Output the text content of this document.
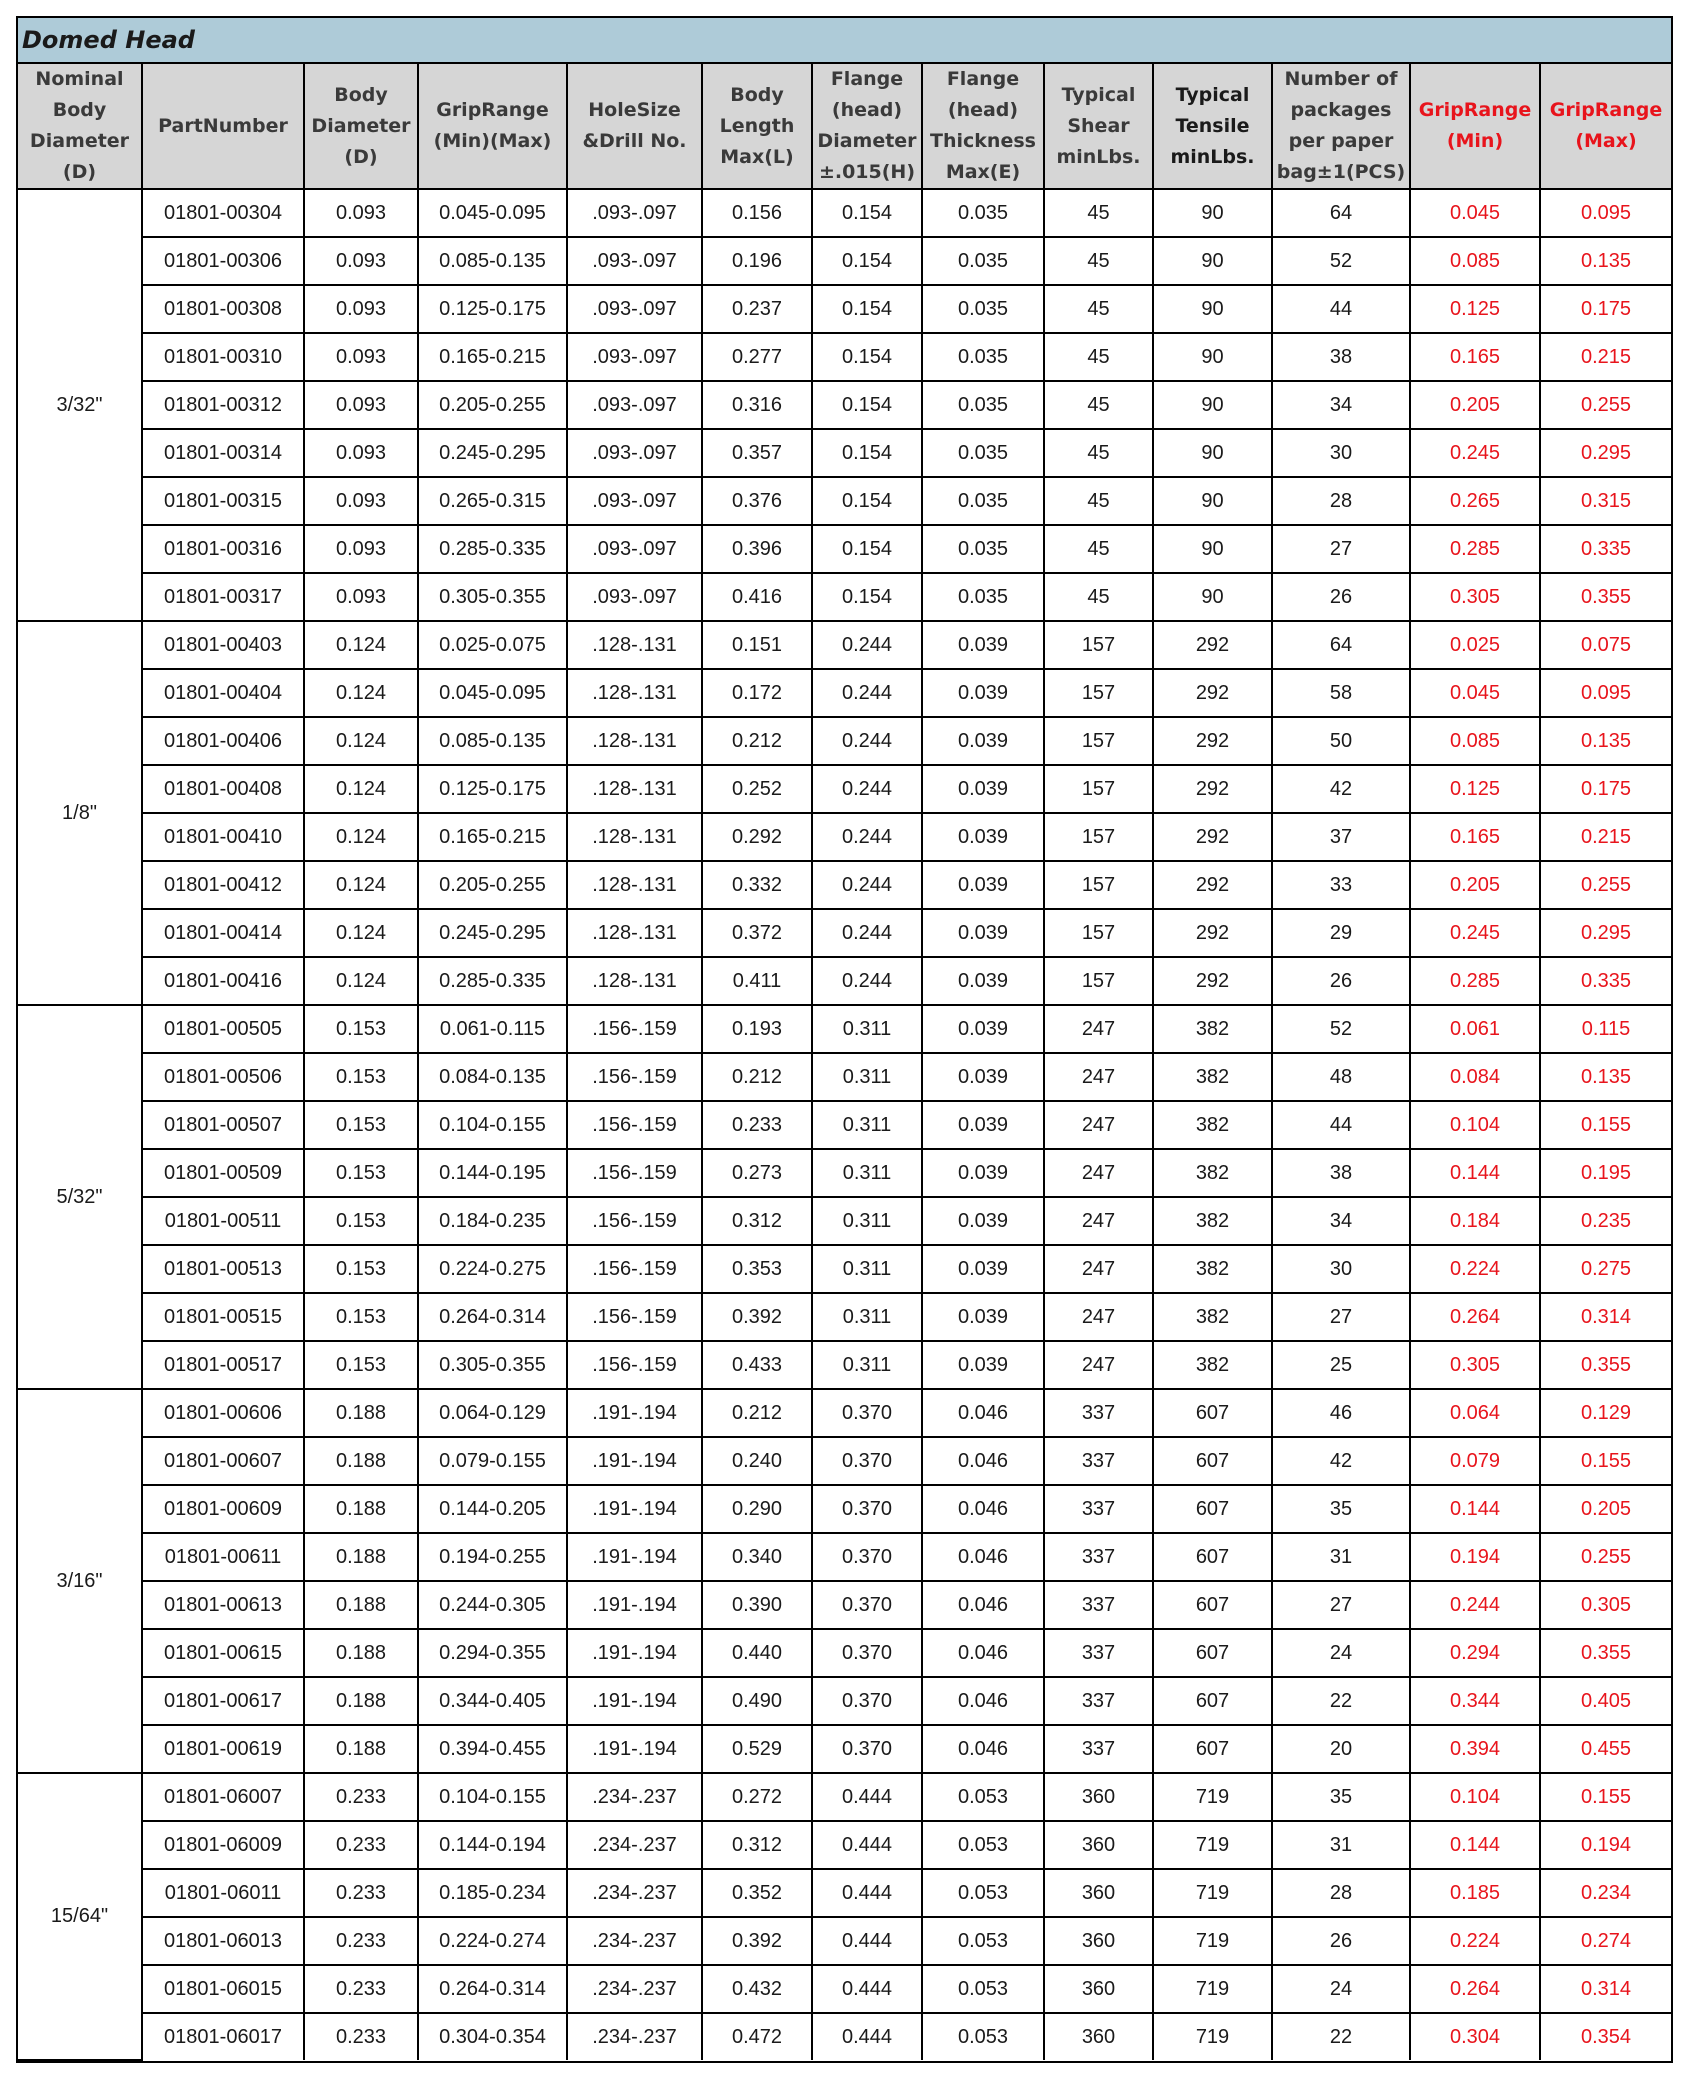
Domed Head
Nominal
Body
Diameter
(D)	PartNumber	Body
Diameter
(D)	GripRange
(Min)(Max)	HoleSize
&Drill No.	Body
Length
Max(L)	Flange
(head)
Diameter
±.015(H)	Flange
(head)
Thickness
Max(E)	Typical
Shear
minLbs.	Typical
Tensile
minLbs.	Number of
packages
per paper
bag±1(PCS)	GripRange
(Min)	GripRange
(Max)

3/32"	01801-00304	0.093	0.045-0.095	.093-.097	0.156	0.154	0.035	45	90	64	0.045	0.095
	01801-00306	0.093	0.085-0.135	.093-.097	0.196	0.154	0.035	45	90	52	0.085	0.135
	01801-00308	0.093	0.125-0.175	.093-.097	0.237	0.154	0.035	45	90	44	0.125	0.175
	01801-00310	0.093	0.165-0.215	.093-.097	0.277	0.154	0.035	45	90	38	0.165	0.215
	01801-00312	0.093	0.205-0.255	.093-.097	0.316	0.154	0.035	45	90	34	0.205	0.255
	01801-00314	0.093	0.245-0.295	.093-.097	0.357	0.154	0.035	45	90	30	0.245	0.295
	01801-00315	0.093	0.265-0.315	.093-.097	0.376	0.154	0.035	45	90	28	0.265	0.315
	01801-00316	0.093	0.285-0.335	.093-.097	0.396	0.154	0.035	45	90	27	0.285	0.335
	01801-00317	0.093	0.305-0.355	.093-.097	0.416	0.154	0.035	45	90	26	0.305	0.355
1/8"	01801-00403	0.124	0.025-0.075	.128-.131	0.151	0.244	0.039	157	292	64	0.025	0.075
	01801-00404	0.124	0.045-0.095	.128-.131	0.172	0.244	0.039	157	292	58	0.045	0.095
	01801-00406	0.124	0.085-0.135	.128-.131	0.212	0.244	0.039	157	292	50	0.085	0.135
	01801-00408	0.124	0.125-0.175	.128-.131	0.252	0.244	0.039	157	292	42	0.125	0.175
	01801-00410	0.124	0.165-0.215	.128-.131	0.292	0.244	0.039	157	292	37	0.165	0.215
	01801-00412	0.124	0.205-0.255	.128-.131	0.332	0.244	0.039	157	292	33	0.205	0.255
	01801-00414	0.124	0.245-0.295	.128-.131	0.372	0.244	0.039	157	292	29	0.245	0.295
	01801-00416	0.124	0.285-0.335	.128-.131	0.411	0.244	0.039	157	292	26	0.285	0.335
5/32"	01801-00505	0.153	0.061-0.115	.156-.159	0.193	0.311	0.039	247	382	52	0.061	0.115
	01801-00506	0.153	0.084-0.135	.156-.159	0.212	0.311	0.039	247	382	48	0.084	0.135
	01801-00507	0.153	0.104-0.155	.156-.159	0.233	0.311	0.039	247	382	44	0.104	0.155
	01801-00509	0.153	0.144-0.195	.156-.159	0.273	0.311	0.039	247	382	38	0.144	0.195
	01801-00511	0.153	0.184-0.235	.156-.159	0.312	0.311	0.039	247	382	34	0.184	0.235
	01801-00513	0.153	0.224-0.275	.156-.159	0.353	0.311	0.039	247	382	30	0.224	0.275
	01801-00515	0.153	0.264-0.314	.156-.159	0.392	0.311	0.039	247	382	27	0.264	0.314
	01801-00517	0.153	0.305-0.355	.156-.159	0.433	0.311	0.039	247	382	25	0.305	0.355
3/16"	01801-00606	0.188	0.064-0.129	.191-.194	0.212	0.370	0.046	337	607	46	0.064	0.129
	01801-00607	0.188	0.079-0.155	.191-.194	0.240	0.370	0.046	337	607	42	0.079	0.155
	01801-00609	0.188	0.144-0.205	.191-.194	0.290	0.370	0.046	337	607	35	0.144	0.205
	01801-00611	0.188	0.194-0.255	.191-.194	0.340	0.370	0.046	337	607	31	0.194	0.255
	01801-00613	0.188	0.244-0.305	.191-.194	0.390	0.370	0.046	337	607	27	0.244	0.305
	01801-00615	0.188	0.294-0.355	.191-.194	0.440	0.370	0.046	337	607	24	0.294	0.355
	01801-00617	0.188	0.344-0.405	.191-.194	0.490	0.370	0.046	337	607	22	0.344	0.405
	01801-00619	0.188	0.394-0.455	.191-.194	0.529	0.370	0.046	337	607	20	0.394	0.455
15/64"	01801-06007	0.233	0.104-0.155	.234-.237	0.272	0.444	0.053	360	719	35	0.104	0.155
	01801-06009	0.233	0.144-0.194	.234-.237	0.312	0.444	0.053	360	719	31	0.144	0.194
	01801-06011	0.233	0.185-0.234	.234-.237	0.352	0.444	0.053	360	719	28	0.185	0.234
	01801-06013	0.233	0.224-0.274	.234-.237	0.392	0.444	0.053	360	719	26	0.224	0.274
	01801-06015	0.233	0.264-0.314	.234-.237	0.432	0.444	0.053	360	719	24	0.264	0.314
	01801-06017	0.233	0.304-0.354	.234-.237	0.472	0.444	0.053	360	719	22	0.304	0.354
